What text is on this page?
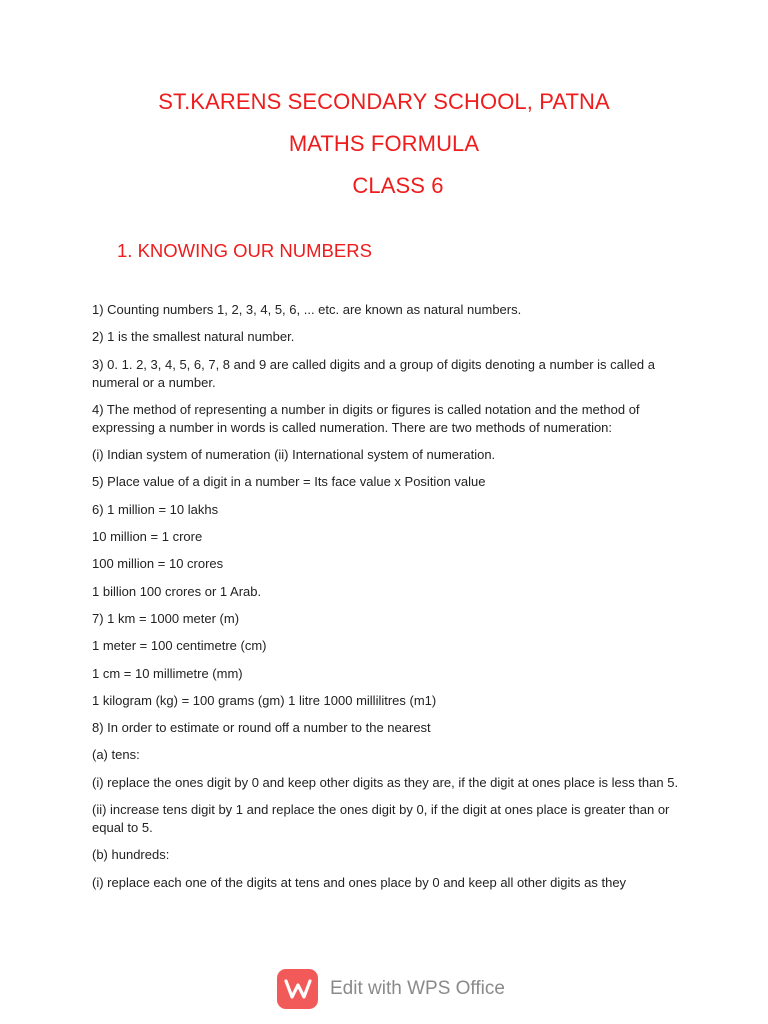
ST.KARENS SECONDARY SCHOOL, PATNA
MATHS FORMULA
CLASS 6
1. KNOWING OUR NUMBERS
1) Counting numbers 1, 2, 3, 4, 5, 6, ... etc. are known as natural numbers.
2) 1 is the smallest natural number.
3) 0. 1. 2, 3, 4, 5, 6, 7, 8 and 9 are called digits and a group of digits denoting a number is called a numeral or a number.
4) The method of representing a number in digits or figures is called notation and the method of expressing a number in words is called numeration. There are two methods of numeration:
(i) Indian system of numeration (ii) International system of numeration.
5) Place value of a digit in a number = Its face value x Position value
6) 1 million = 10 lakhs
10 million = 1 crore
100 million = 10 crores
1 billion 100 crores or 1 Arab.
7) 1 km = 1000 meter (m)
1 meter = 100 centimetre (cm)
1 cm = 10 millimetre (mm)
1 kilogram (kg) = 100 grams (gm) 1 litre 1000 millilitres (m1)
8) In order to estimate or round off a number to the nearest
(a) tens:
(i) replace the ones digit by 0 and keep other digits as they are, if the digit at ones place is less than 5.
(ii) increase tens digit by 1 and replace the ones digit by 0, if the digit at ones place is greater than or equal to 5.
(b) hundreds:
(i) replace each one of the digits at tens and ones place by 0 and keep all other digits as they
Edit with WPS Office
